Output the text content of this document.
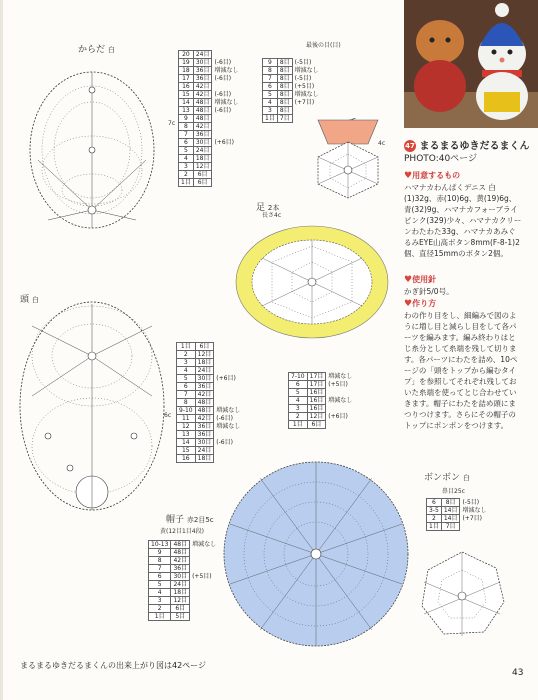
からだ 白
7c
20	24目	
19	30目	(-6目)
18	36目	増減なし
17	36目	(-6目)
16	42目	
15	42目	(-6目)
14	48目	増減なし
13	48目	(-6目)
9	48目	
8	42目	
7	36目	
6	30目	(+6目)
5	24目	
4	18目	
3	12目	
2	6目	
1目	6目	
最後の目(目)
9	8目	(-5目)
8	8目	増減なし
7	8目	(-5目)
6	8目	(+5目)
5	8目	増減なし
4	8目	(+7目)
3	8目	
1目	7目	
4c
足 2本
長さ4c
7-10	17目	増減なし
6	17目	(+5目)
5	16目	
4	16目	増減なし
3	16目	
2	12目	(+6目)
1目	6目	
頭 白
6c
1目	6目	
2	12目	
3	18目	
4	24目	
5	30目	(+6目)
6	36目	
7	42目	
8	48目	
9-10	48目	増減なし
11	42目	(-6目)
12	36目	増減なし
13	36目	
14	30目	(-6目)
15	24目	
16	18目	
帽子 赤2目5c
黄(12目1目4段)
10-13	48目	増減なし
9	48目	
8	42目	
7	36目	
6	30目	(+5目)
5	24目	
4	18目	
3	12目	
2	6目	
1目	5目	
ボンボン 白
鼻目25c
6	8目	(-5目)
3-5	14目	増減なし
2	14目	(+7目)
1目	7目	
47 まるまるゆきだるまくん
PHOTO:40ページ
♥用意するもの
ハマナカわんぱくデニス 白(1)32g、赤(10)6g、黄(19)6g、青(32)9g、ハマナカフォーブライ ピンク(329)少々、ハマナカクリーンわたわた33g、ハマナカあみぐるみEYE山高ボタン8mm(F-8-1)2個、直径15mmのボタン2個。
♥使用針
かぎ針5/0号。
♥作り方
わの作り目をし、細編みで図のように増し目と減らし目をして各パーツを編みます。編み終わりはとじ糸分として糸端を残して切ります。各パーツにわたを詰め、10ページの「頭をトップから編むタイプ」を参照してそれぞれ残しておいた糸端を使ってとじ合わせていきます。帽子にわたを詰め頭にまつりつけます。さらにその帽子のトップにポンポンをつけます。
まるまるゆきだるまくんの出来上がり図は42ページ
43
